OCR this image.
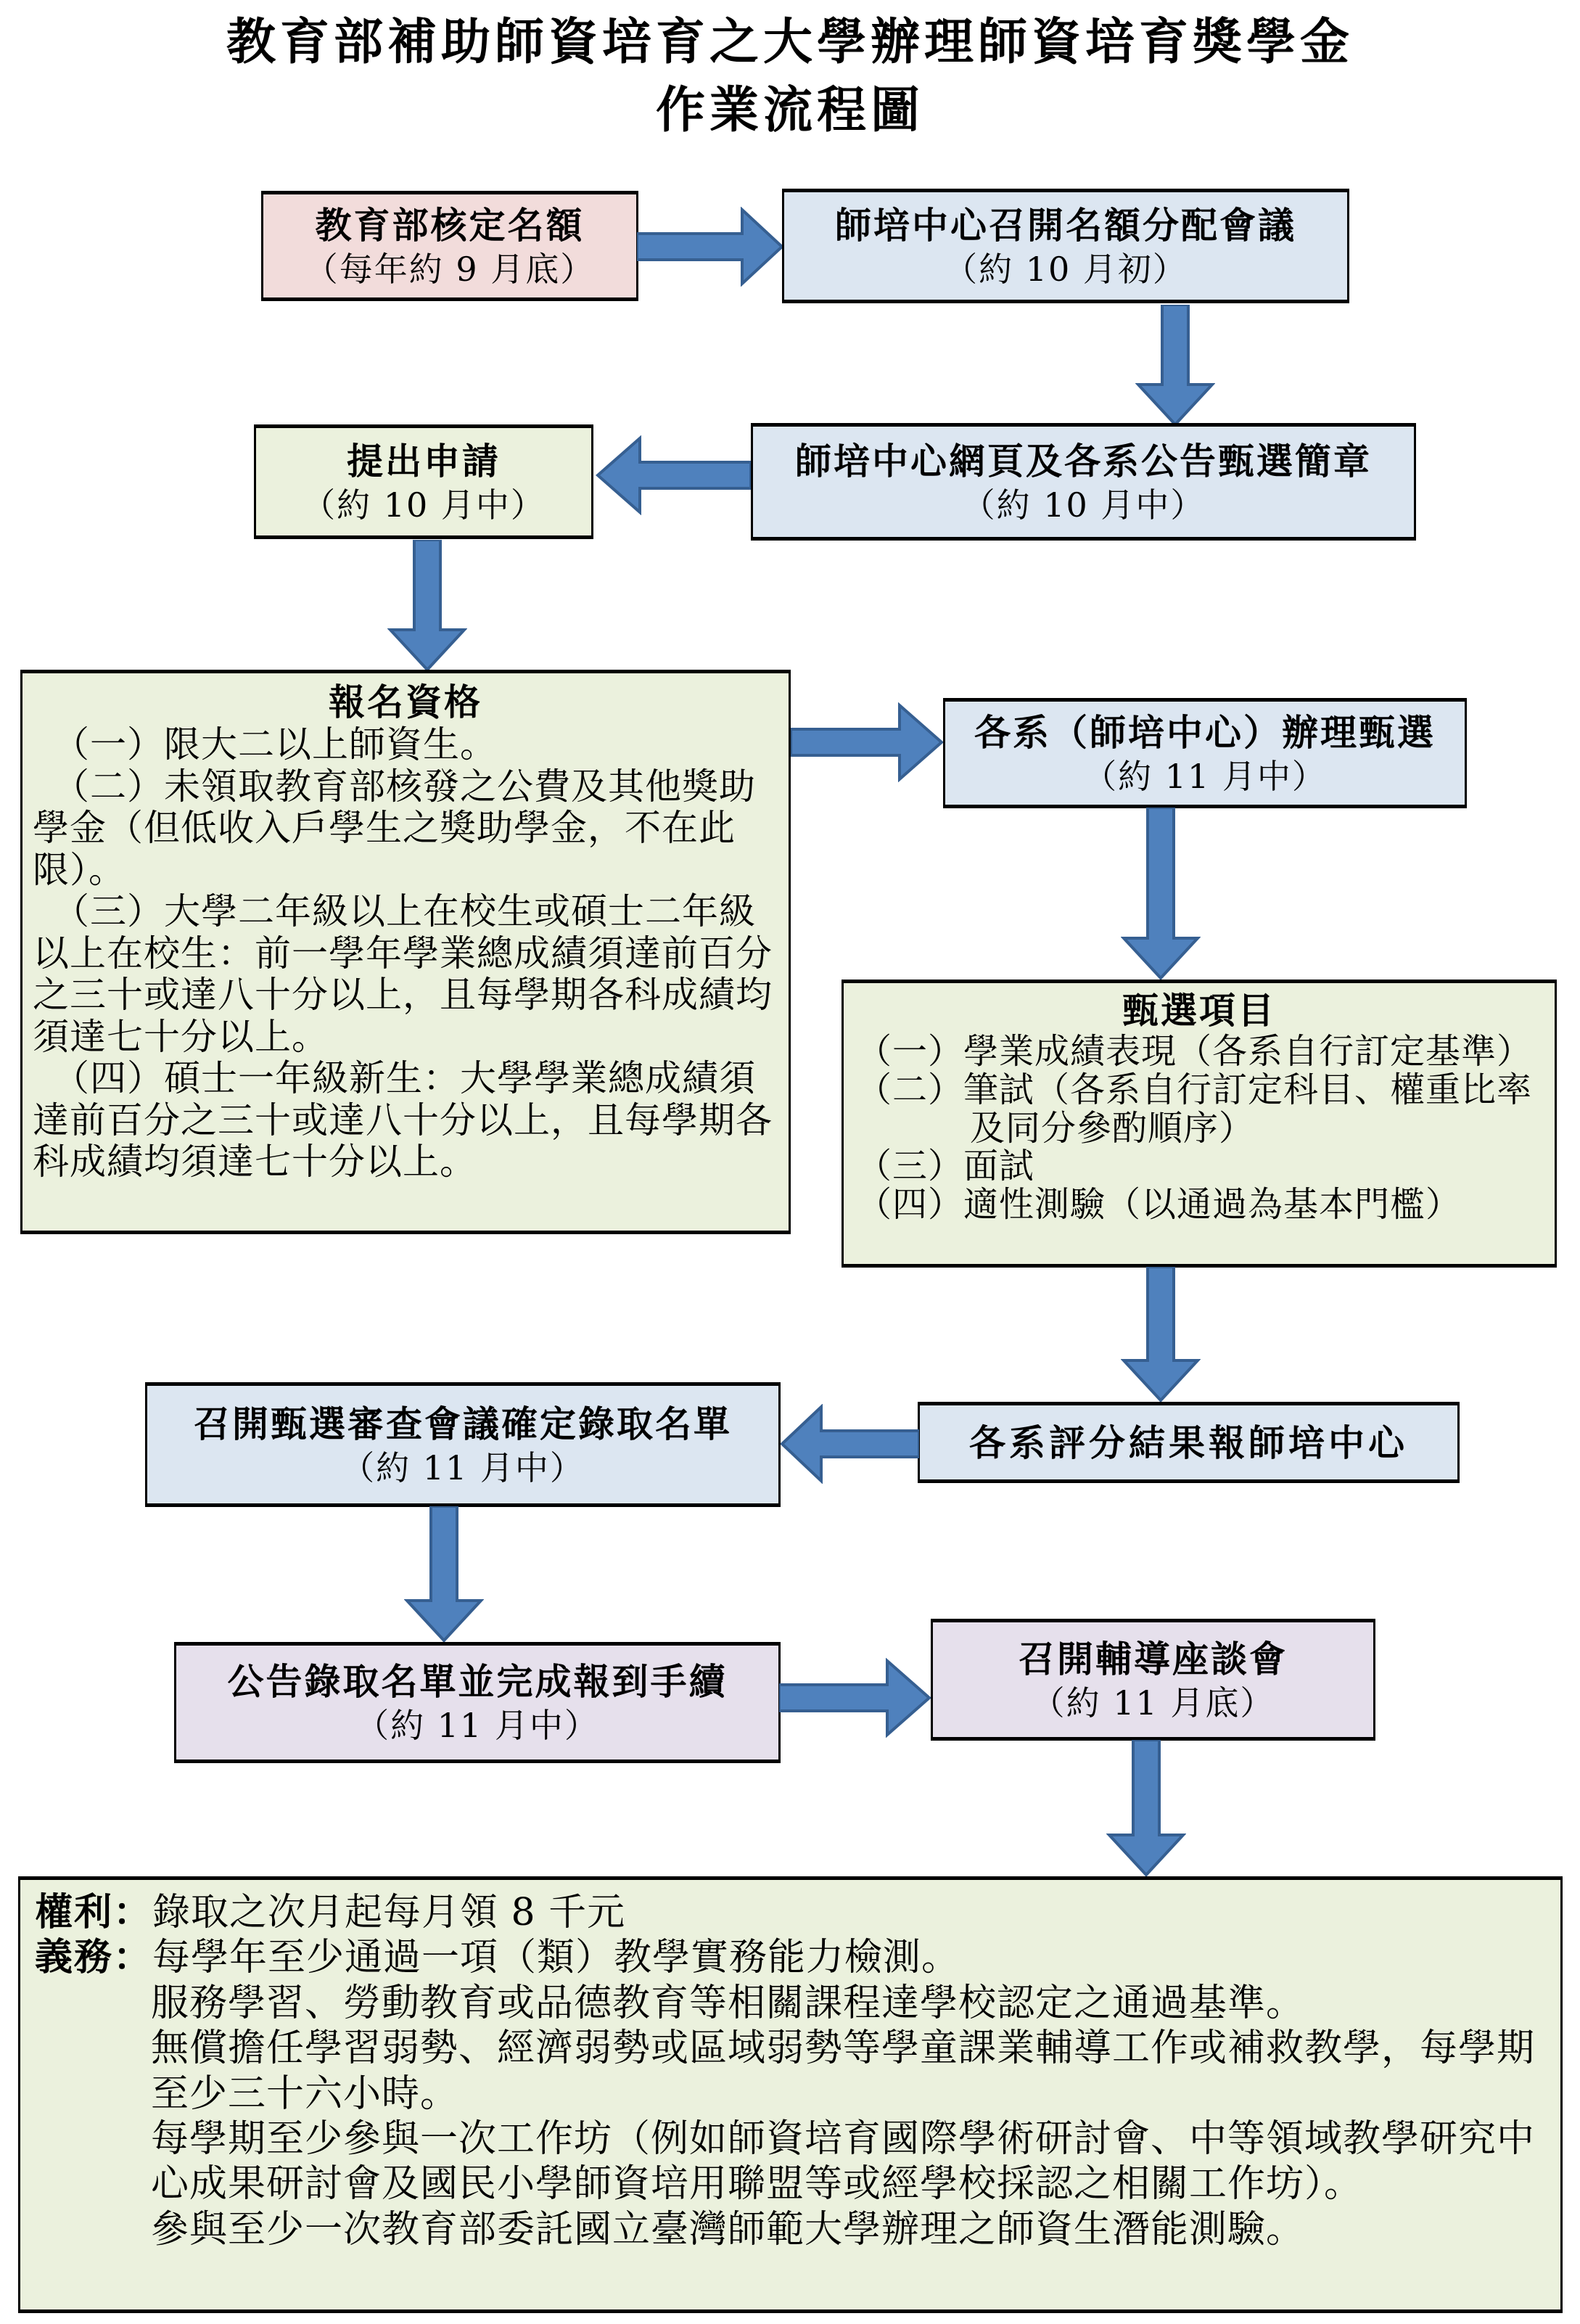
教育部補助師資培育之大學辦理師資培育獎學金
作業流程圖
教育部核定名額
（每年約 9 月底）
師培中心召開名額分配會議
（約 10 月初）
提出申請
（約 10 月中）
師培中心網頁及各系公告甄選簡章
（約 10 月中）
報名資格
（一）限大二以上師資生。
（二）未領取教育部核發之公費及其他獎助學金（但低收入戶學生之獎助學金，不在此限）。
（三）大學二年級以上在校生或碩士二年級以上在校生：前一學年學業總成績須達前百分之三十或達八十分以上，且每學期各科成績均須達七十分以上。
（四）碩士一年級新生：大學學業總成績須達前百分之三十或達八十分以上，且每學期各科成績均須達七十分以上。
各系（師培中心）辦理甄選
（約 11 月中）
甄選項目
（一）學業成績表現（各系自行訂定基準）
（二）筆試（各系自行訂定科目、權重比率及同分參酌順序）
（三）面試
（四）適性測驗（以通過為基本門檻）
各系評分結果報師培中心
召開甄選審查會議確定錄取名單
（約 11 月中）
公告錄取名單並完成報到手續
（約 11 月中）
召開輔導座談會
（約 11 月底）
權利： 錄取之次月起每月領 8 千元
義務： 每學年至少通過一項（類）教學實務能力檢測。
服務學習、勞動教育或品德教育等相關課程達學校認定之通過基準。
無償擔任學習弱勢、經濟弱勢或區域弱勢等學童課業輔導工作或補救教學，每學期至少三十六小時。
每學期至少參與一次工作坊（例如師資培育國際學術研討會、中等領域教學研究中心成果研討會及國民小學師資培用聯盟等或經學校採認之相關工作坊）。
參與至少一次教育部委託國立臺灣師範大學辦理之師資生潛能測驗。
